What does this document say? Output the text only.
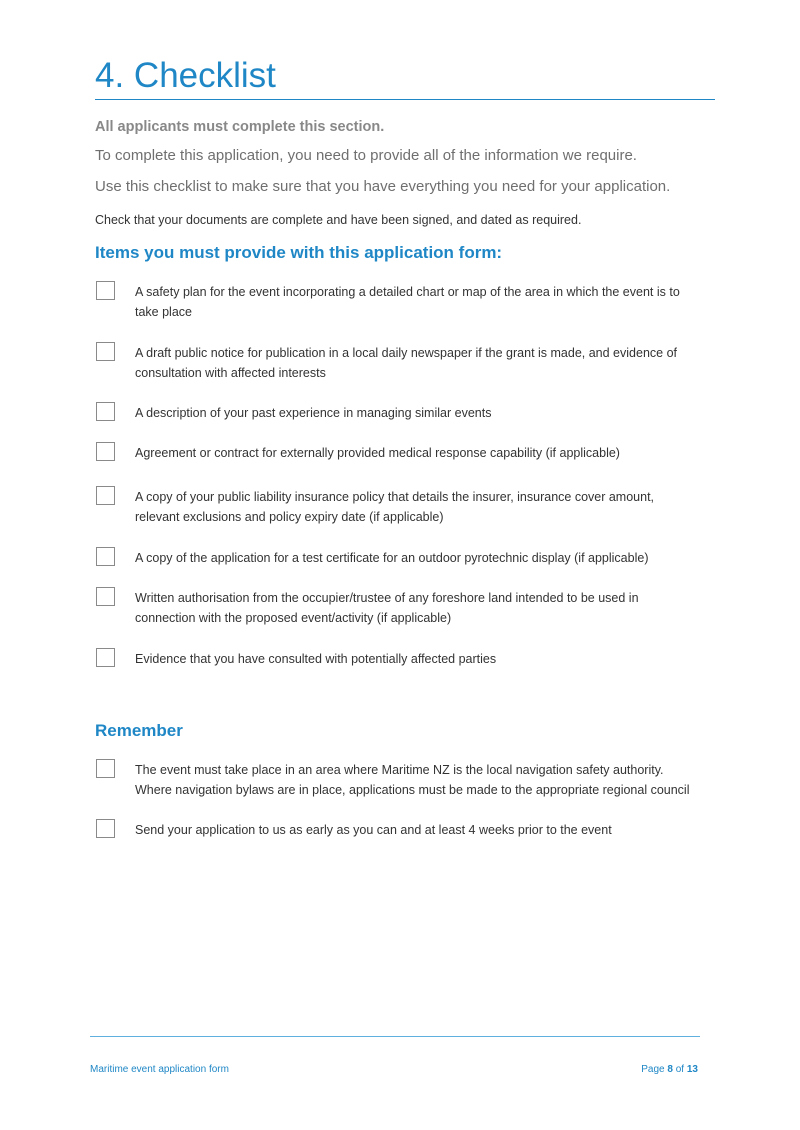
4. Checklist
All applicants must complete this section.
To complete this application, you need to provide all of the information we require.
Use this checklist to make sure that you have everything you need for your application.
Check that your documents are complete and have been signed, and dated as required.
Items you must provide with this application form:
A safety plan for the event incorporating a detailed chart or map of the area in which the event is to take place
A draft public notice for publication in a local daily newspaper if the grant is made, and evidence of consultation with affected interests
A description of your past experience in managing similar events
Agreement or contract for externally provided medical response capability (if applicable)
A copy of your public liability insurance policy that details the insurer, insurance cover amount, relevant exclusions and policy expiry date (if applicable)
A copy of the application for a test certificate for an outdoor pyrotechnic display (if applicable)
Written authorisation from the occupier/trustee of any foreshore land intended to be used in connection with the proposed event/activity (if applicable)
Evidence that you have consulted with potentially affected parties
Remember
The event must take place in an area where Maritime NZ is the local navigation safety authority. Where navigation bylaws are in place, applications must be made to the appropriate regional council
Send your application to us as early as you can and at least 4 weeks prior to the event
Maritime event application form	Page 8 of 13
